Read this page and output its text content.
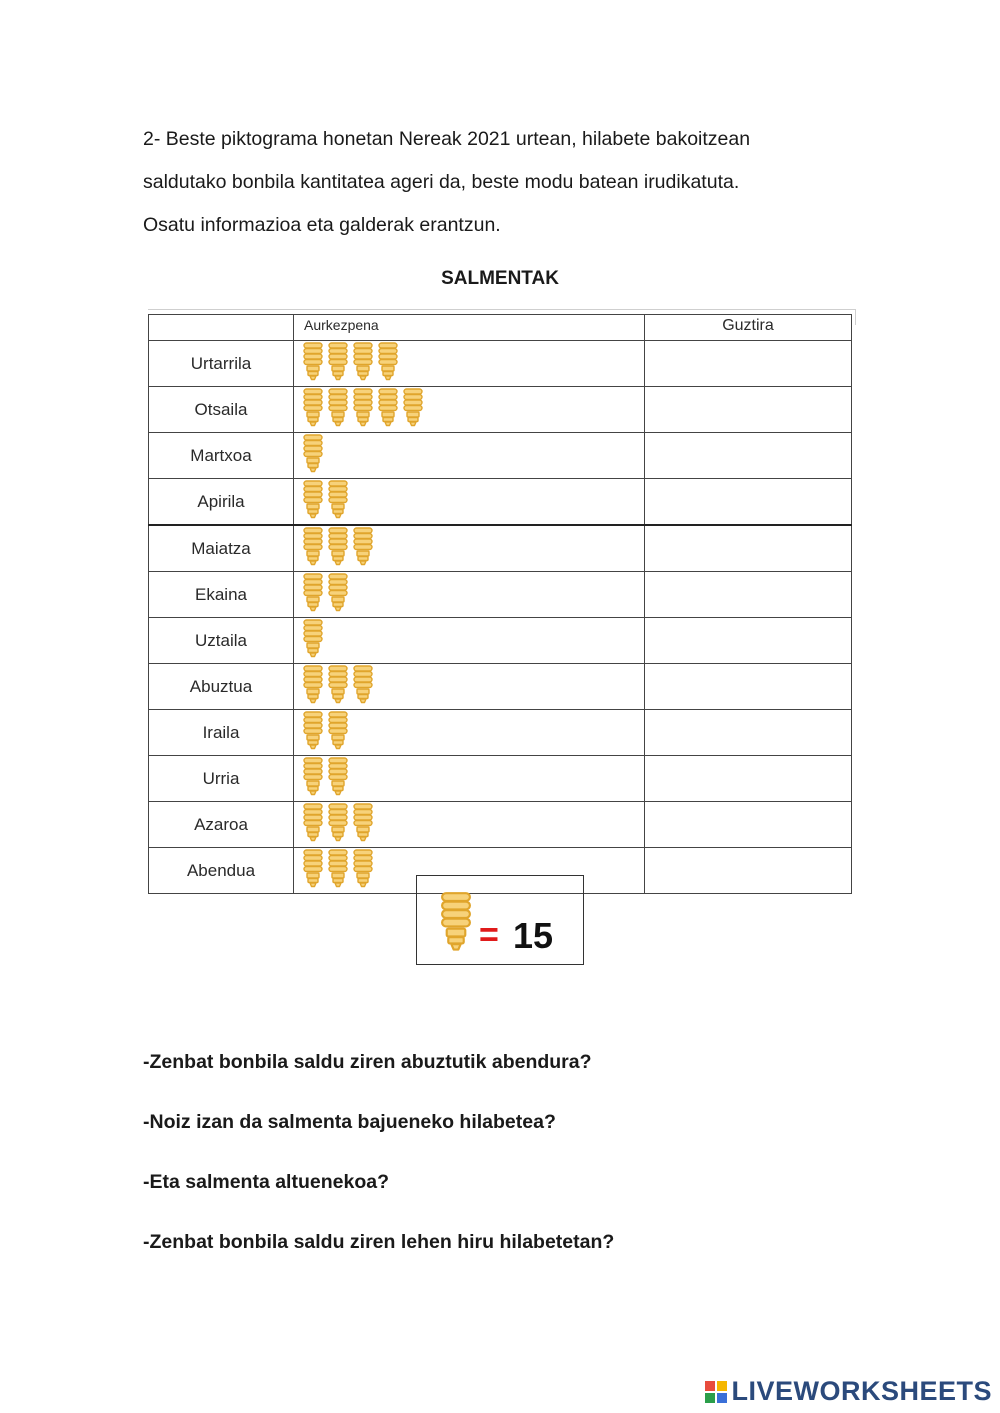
2- Beste piktograma honetan Nereak 2021 urtean, hilabete bakoitzean

saldutako bonbila kantitatea ageri da, beste modu batean irudikatuta.

Osatu informazioa eta galderak erantzun.

SALMENTAK
	Aurkezpena	Guztira
Urtarrila		
Otsaila		
Martxoa		
Apirila		
Maiatza		
Ekaina		
Uztaila		
Abuztua		
Iraila		
Urria		
Azaroa		
Abendua		
= 15

-Zenbat bonbila saldu ziren abuztutik abendura?

-Noiz izan da salmenta bajueneko hilabetea?

-Eta salmenta altuenekoa?

-Zenbat bonbila saldu ziren lehen hiru hilabetetan?

LIVEWORKSHEETS
